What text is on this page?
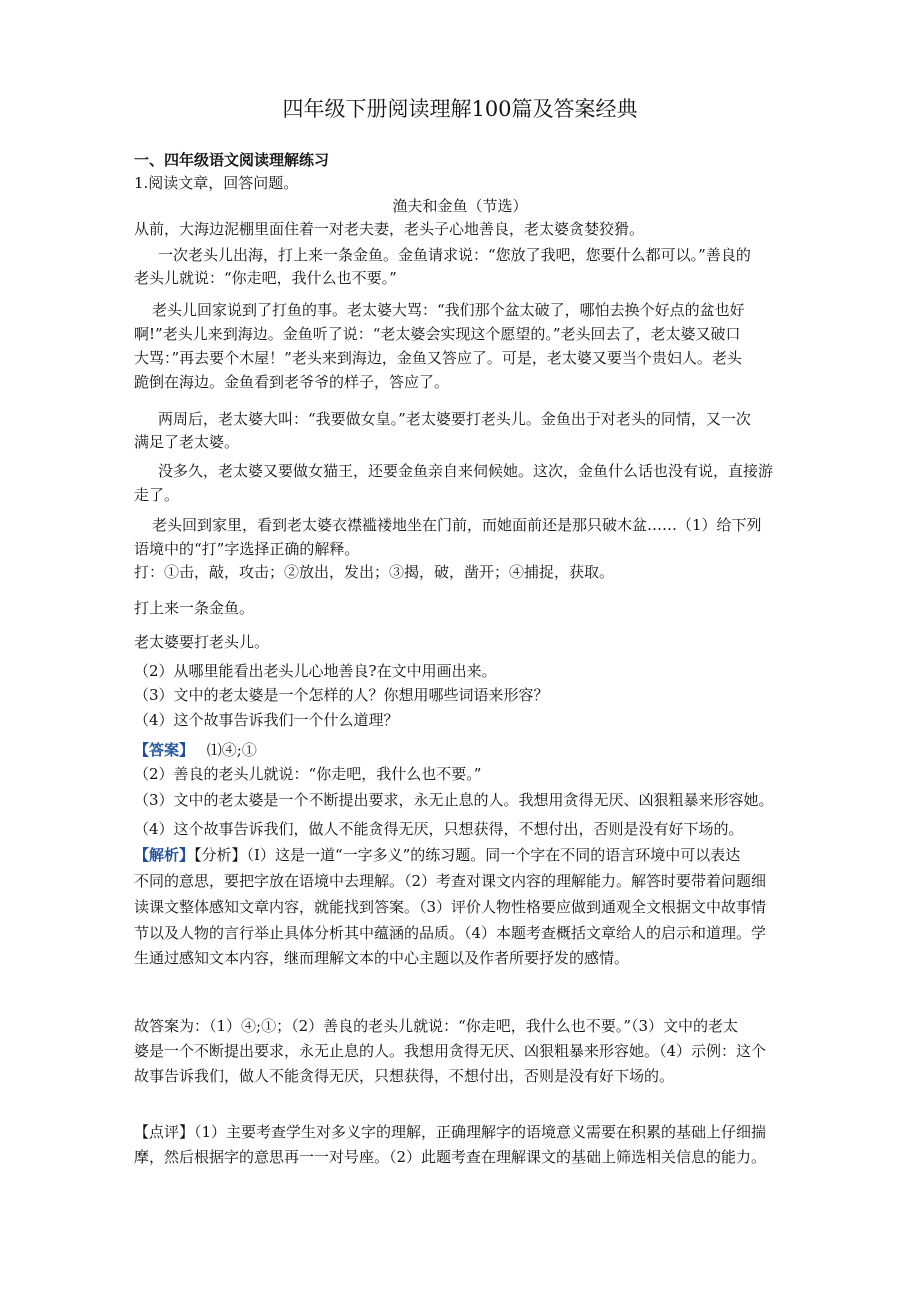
四年级下册阅读理解100篇及答案经典
一、四年级语文阅读理解练习
1.阅读文章，回答问题。
渔夫和金鱼（节选）
从前，大海边泥棚里面住着一对老夫妻，老头子心地善良，老太婆贪婪狡猾。
一次老头儿出海，打上来一条金鱼。金鱼请求说：“您放了我吧，您要什么都可以。”善良的
老头儿就说：“你走吧，我什么也不要。”
老头儿回家说到了打鱼的事。老太婆大骂：“我们那个盆太破了，哪怕去换个好点的盆也好
啊!”老头儿来到海边。金鱼听了说：“老太婆会实现这个愿望的。”老头回去了，老太婆又破口
大骂：”再去要个木屋！”老头来到海边，金鱼又答应了。可是，老太婆又要当个贵妇人。老头
跪倒在海边。金鱼看到老爷爷的样子，答应了。
两周后，老太婆大叫：“我要做女皇。”老太婆要打老头儿。金鱼出于对老头的同情，又一次
满足了老太婆。
没多久，老太婆又要做女猫王，还要金鱼亲自来伺候她。这次，金鱼什么话也没有说，直接游
走了。
老头回到家里，看到老太婆衣襟褴褛地坐在门前，而她面前还是那只破木盆……（1）给下列
语境中的“打”字选择正确的解释。
打：①击，敲，攻击；②放出，发出；③揭，破，凿开；④捕捉，获取。
打上来一条金鱼。
老太婆要打老头儿。
（2）从哪里能看出老头儿心地善良?在文中用画出来。
（3）文中的老太婆是一个怎样的人？你想用哪些词语来形容？
（4）这个故事告诉我们一个什么道理？
【答案】 ⑴④;①
（2）善良的老头儿就说：“你走吧，我什么也不要。”
（3）文中的老太婆是一个不断提出要求，永无止息的人。我想用贪得无厌、凶狠粗暴来形容她。
（4）这个故事告诉我们，做人不能贪得无厌，只想获得，不想付出，否则是没有好下场的。
【解析】【分析】（I）这是一道“一字多义”的练习题。同一个字在不同的语言环境中可以表达
不同的意思，要把字放在语境中去理解。（2）考查对课文内容的理解能力。解答时要带着问题细
读课文整体感知文章内容，就能找到答案。（3）评价人物性格要应做到通观全文根据文中故事情
节以及人物的言行举止具体分析其中蕴涵的品质。（4）本题考查概括文章给人的启示和道理。学
生通过感知文本内容，继而理解文本的中心主题以及作者所要抒发的感情。
故答案为：（1）④;①；（2）善良的老头儿就说：“你走吧，我什么也不要。”（3）文中的老太
婆是一个不断提出要求，永无止息的人。我想用贪得无厌、凶狠粗暴来形容她。（4）示例：这个
故事告诉我们，做人不能贪得无厌，只想获得，不想付出，否则是没有好下场的。
【点评】（1）主要考查学生对多义字的理解，正确理解字的语境意义需要在积累的基础上仔细揣
摩，然后根据字的意思再一一对号座。（2）此题考查在理解课文的基础上筛选相关信息的能力。
